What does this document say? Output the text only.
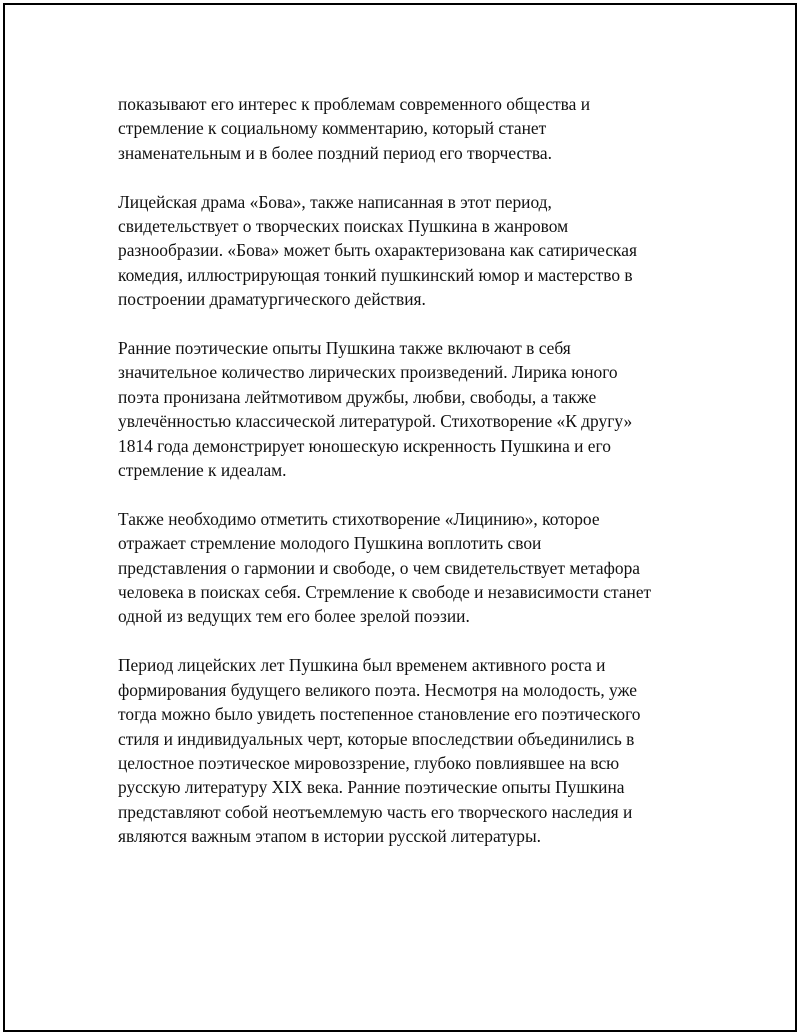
показывают его интерес к проблемам современного общества и
стремление к социальному комментарию, который станет
знаменательным и в более поздний период его творчества.

Лицейская драма «Бова», также написанная в этот период,
свидетельствует о творческих поисках Пушкина в жанровом
разнообразии. «Бова» может быть охарактеризована как сатирическая
комедия, иллюстрирующая тонкий пушкинский юмор и мастерство в
построении драматургического действия.

Ранние поэтические опыты Пушкина также включают в себя
значительное количество лирических произведений. Лирика юного
поэта пронизана лейтмотивом дружбы, любви, свободы, а также
увлечённостью классической литературой. Стихотворение «К другу»
1814 года демонстрирует юношескую искренность Пушкина и его
стремление к идеалам.

Также необходимо отметить стихотворение «Лицинию», которое
отражает стремление молодого Пушкина воплотить свои
представления о гармонии и свободе, о чем свидетельствует метафора
человека в поисках себя. Стремление к свободе и независимости станет
одной из ведущих тем его более зрелой поэзии.

Период лицейских лет Пушкина был временем активного роста и
формирования будущего великого поэта. Несмотря на молодость, уже
тогда можно было увидеть постепенное становление его поэтического
стиля и индивидуальных черт, которые впоследствии объединились в
целостное поэтическое мировоззрение, глубоко повлиявшее на всю
русскую литературу XIX века. Ранние поэтические опыты Пушкина
представляют собой неотъемлемую часть его творческого наследия и
являются важным этапом в истории русской литературы.
